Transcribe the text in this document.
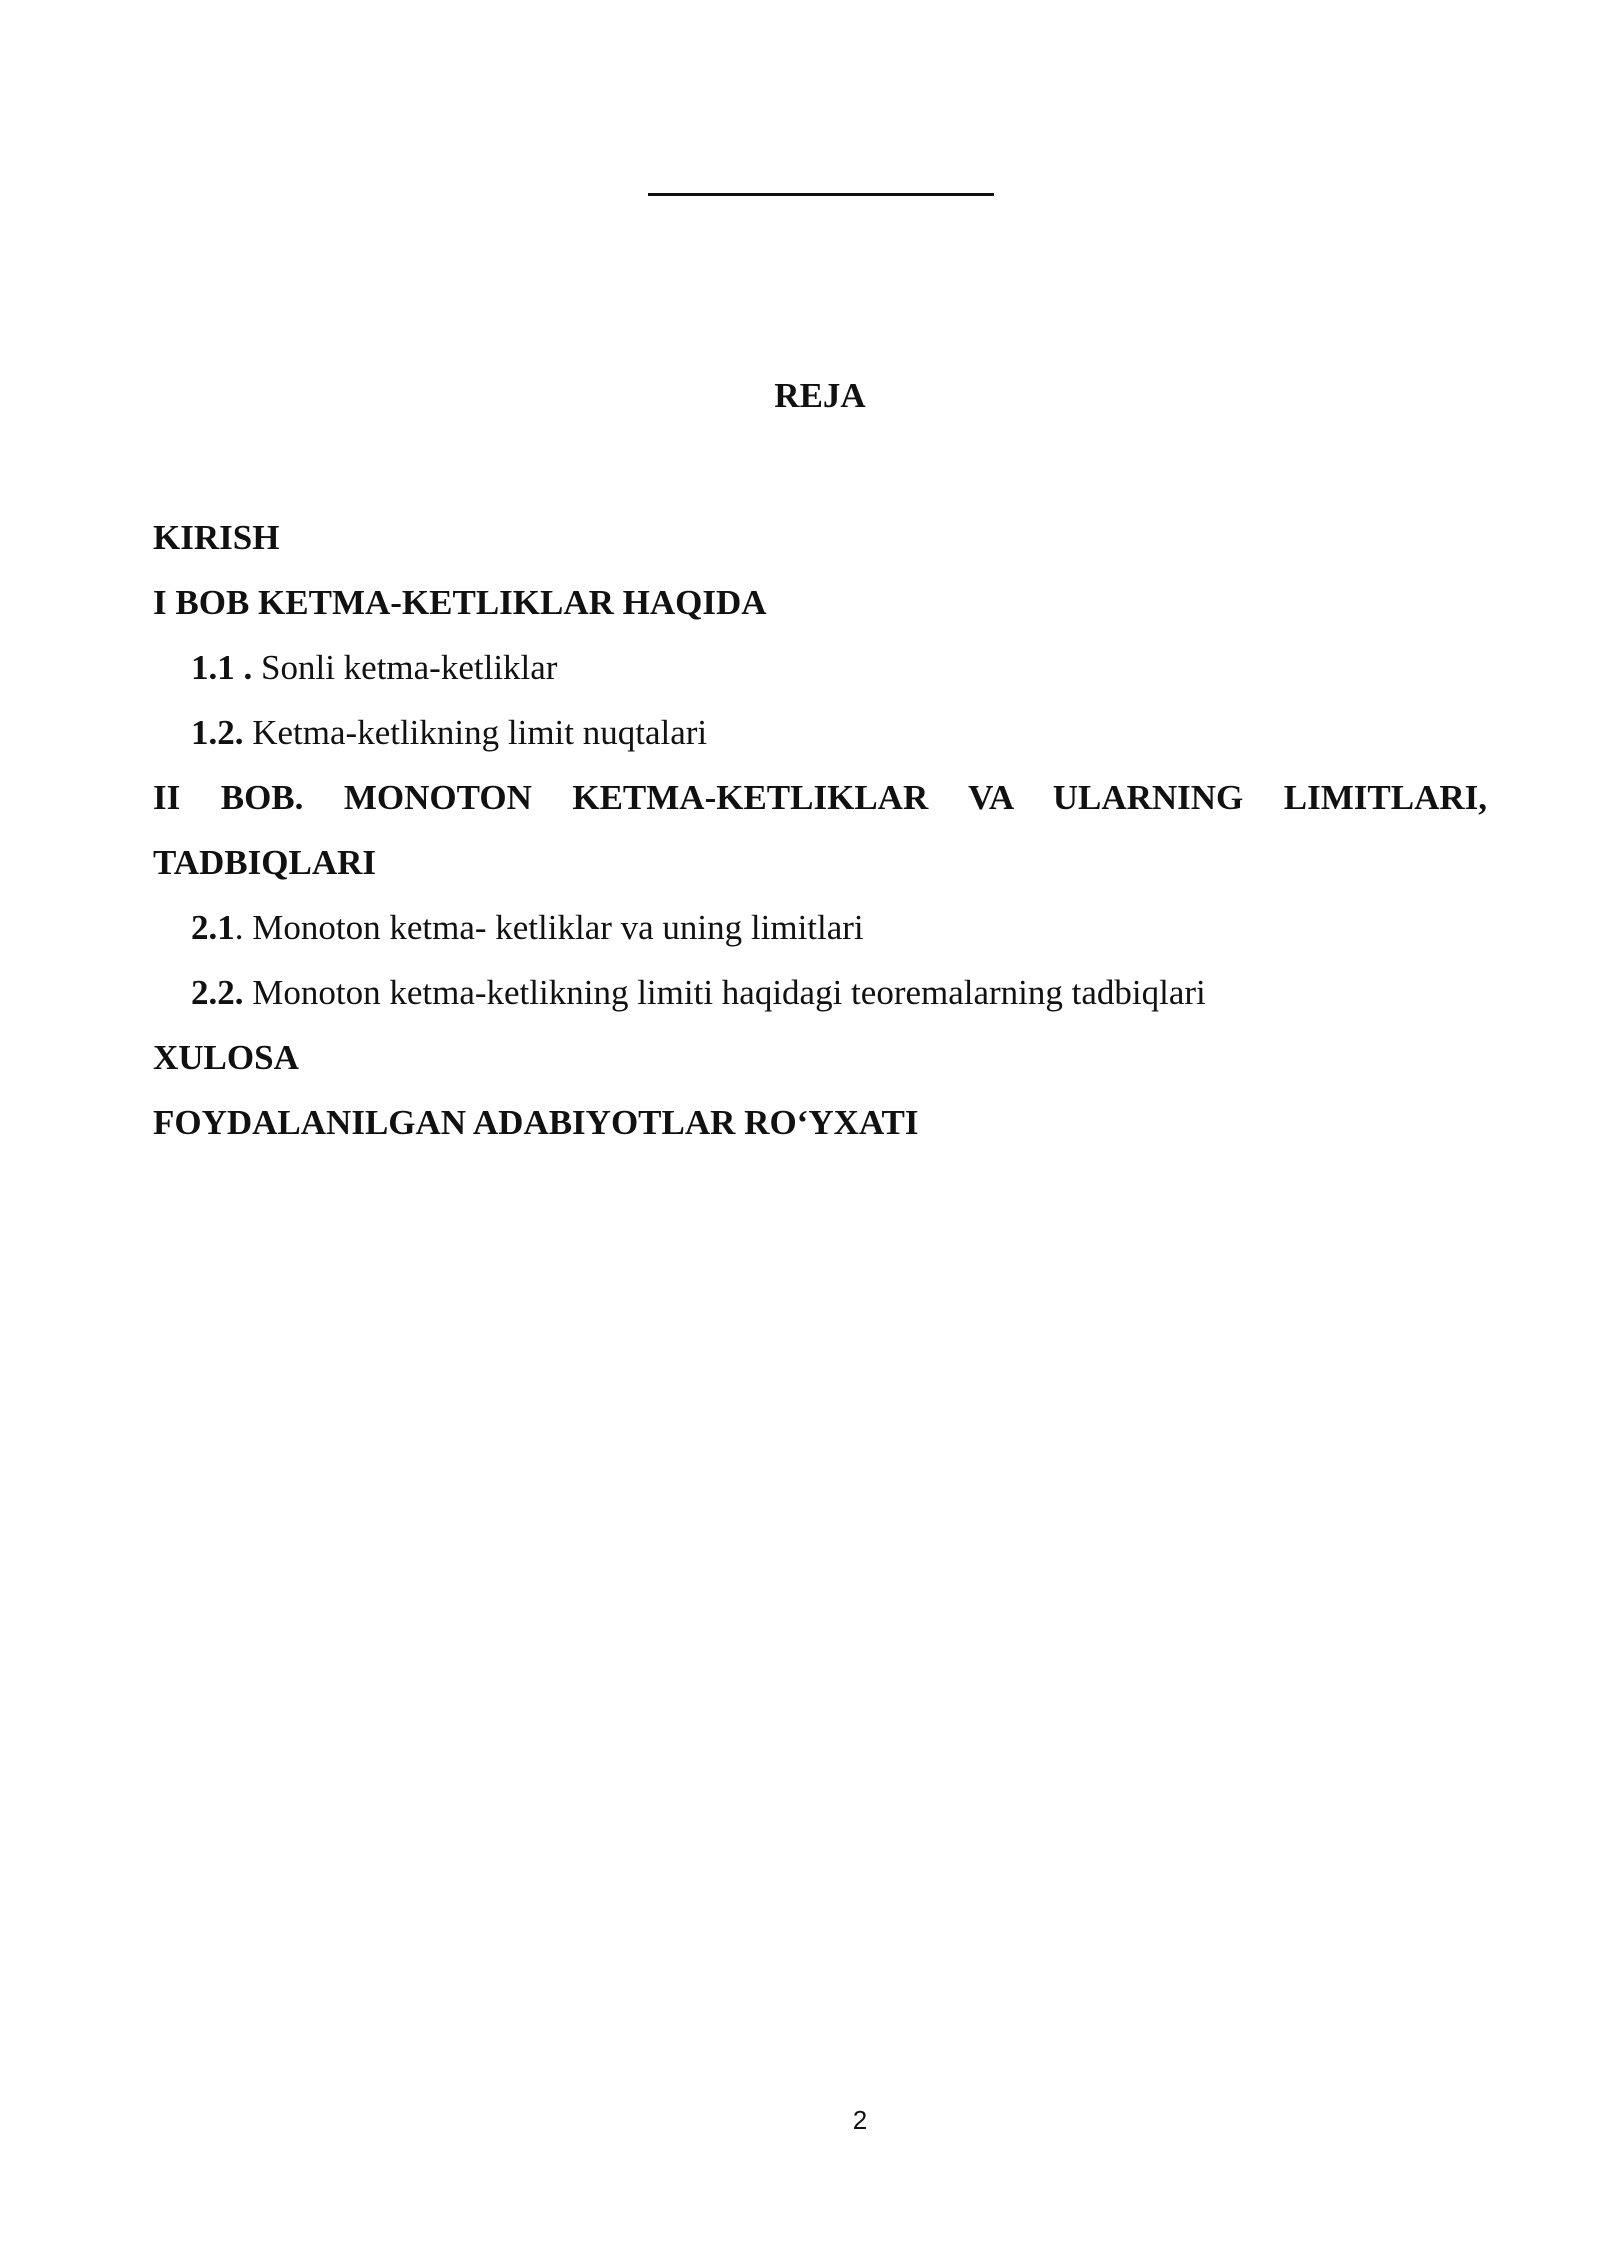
REJA
KIRISH
I BOB KETMA-KETLIKLAR HAQIDA
1.1 . Sonli ketma-ketliklar
1.2. Ketma-ketlikning limit nuqtalari
II BOB. MONOTON KETMA-KETLIKLAR VA ULARNING LIMITLARI,
TADBIQLARI
2.1. Monoton ketma- ketliklar va uning limitlari
2.2. Monoton ketma-ketlikning limiti haqidagi teoremalarning tadbiqlari
XULOSA
FOYDALANILGAN ADABIYOTLAR RO‘YXATI
2
